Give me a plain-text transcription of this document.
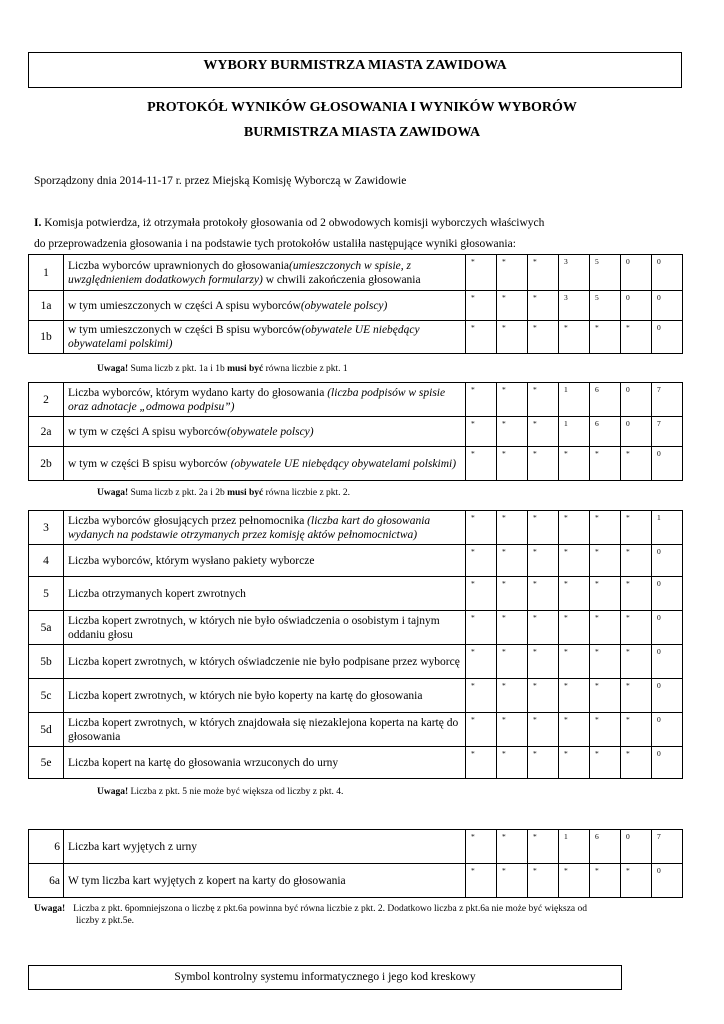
WYBORY BURMISTRZA MIASTA ZAWIDOWA
PROTOKÓŁ WYNIKÓW GŁOSOWANIA I WYNIKÓW WYBORÓW
BURMISTRZA MIASTA ZAWIDOWA
Sporządzony dnia 2014-11-17 r. przez Miejską Komisję Wyborczą w Zawidowie
I. Komisja potwierdza, iż otrzymała protokoły głosowania od 2 obwodowych komisji wyborczych właściwych
do przeprowadzenia głosowania i na podstawie tych protokołów ustaliła następujące wyniki głosowania:
1	Liczba wyborców uprawnionych do głosowania(umieszczonych w spisie, z uwzględnieniem dodatkowych formularzy) w chwili zakończenia głosowania	*	*	*	3	5	0	0
1a	w tym umieszczonych w części A spisu wyborców(obywatele polscy)	*	*	*	3	5	0	0
1b	w tym umieszczonych w części B spisu wyborców(obywatele UE niebędący obywatelami polskimi)	*	*	*	*	*	*	0
Uwaga! Suma liczb z pkt. 1a i 1b musi być równa liczbie z pkt. 1
2	Liczba wyborców, którym wydano karty do głosowania (liczba podpisów w spisie oraz adnotacje „odmowa podpisu”)	*	*	*	1	6	0	7
2a	w tym w części A spisu wyborców(obywatele polscy)	*	*	*	1	6	0	7
2b	w tym w części B spisu wyborców (obywatele UE niebędący obywatelami polskimi)	*	*	*	*	*	*	0
Uwaga! Suma liczb z pkt. 2a i 2b musi być równa liczbie z pkt. 2.
3	Liczba wyborców głosujących przez pełnomocnika (liczba kart do głosowania wydanych na podstawie otrzymanych przez komisję aktów pełnomocnictwa)	*	*	*	*	*	*	1
4	Liczba wyborców, którym wysłano pakiety wyborcze	*	*	*	*	*	*	0
5	Liczba otrzymanych kopert zwrotnych	*	*	*	*	*	*	0
5a	Liczba kopert zwrotnych, w których nie było oświadczenia o osobistym i tajnym oddaniu głosu	*	*	*	*	*	*	0
5b	Liczba kopert zwrotnych, w których oświadczenie nie było podpisane przez wyborcę	*	*	*	*	*	*	0
5c	Liczba kopert zwrotnych, w których nie było koperty na kartę do głosowania	*	*	*	*	*	*	0
5d	Liczba kopert zwrotnych, w których znajdowała się niezaklejona koperta na kartę do głosowania	*	*	*	*	*	*	0
5e	Liczba kopert na kartę do głosowania wrzuconych do urny	*	*	*	*	*	*	0
Uwaga! Liczba z pkt. 5 nie może być większa od liczby z pkt. 4.
6	Liczba kart wyjętych z urny	*	*	*	1	6	0	7
6a	W tym liczba kart wyjętych z kopert na karty do głosowania	*	*	*	*	*	*	0
Uwaga! Liczba z pkt. 6pomniejszona o liczbę z pkt.6a powinna być równa liczbie z pkt. 2. Dodatkowo liczba z pkt.6a nie może być większa od
liczby z pkt.5e.
Symbol kontrolny systemu informatycznego i jego kod kreskowy
